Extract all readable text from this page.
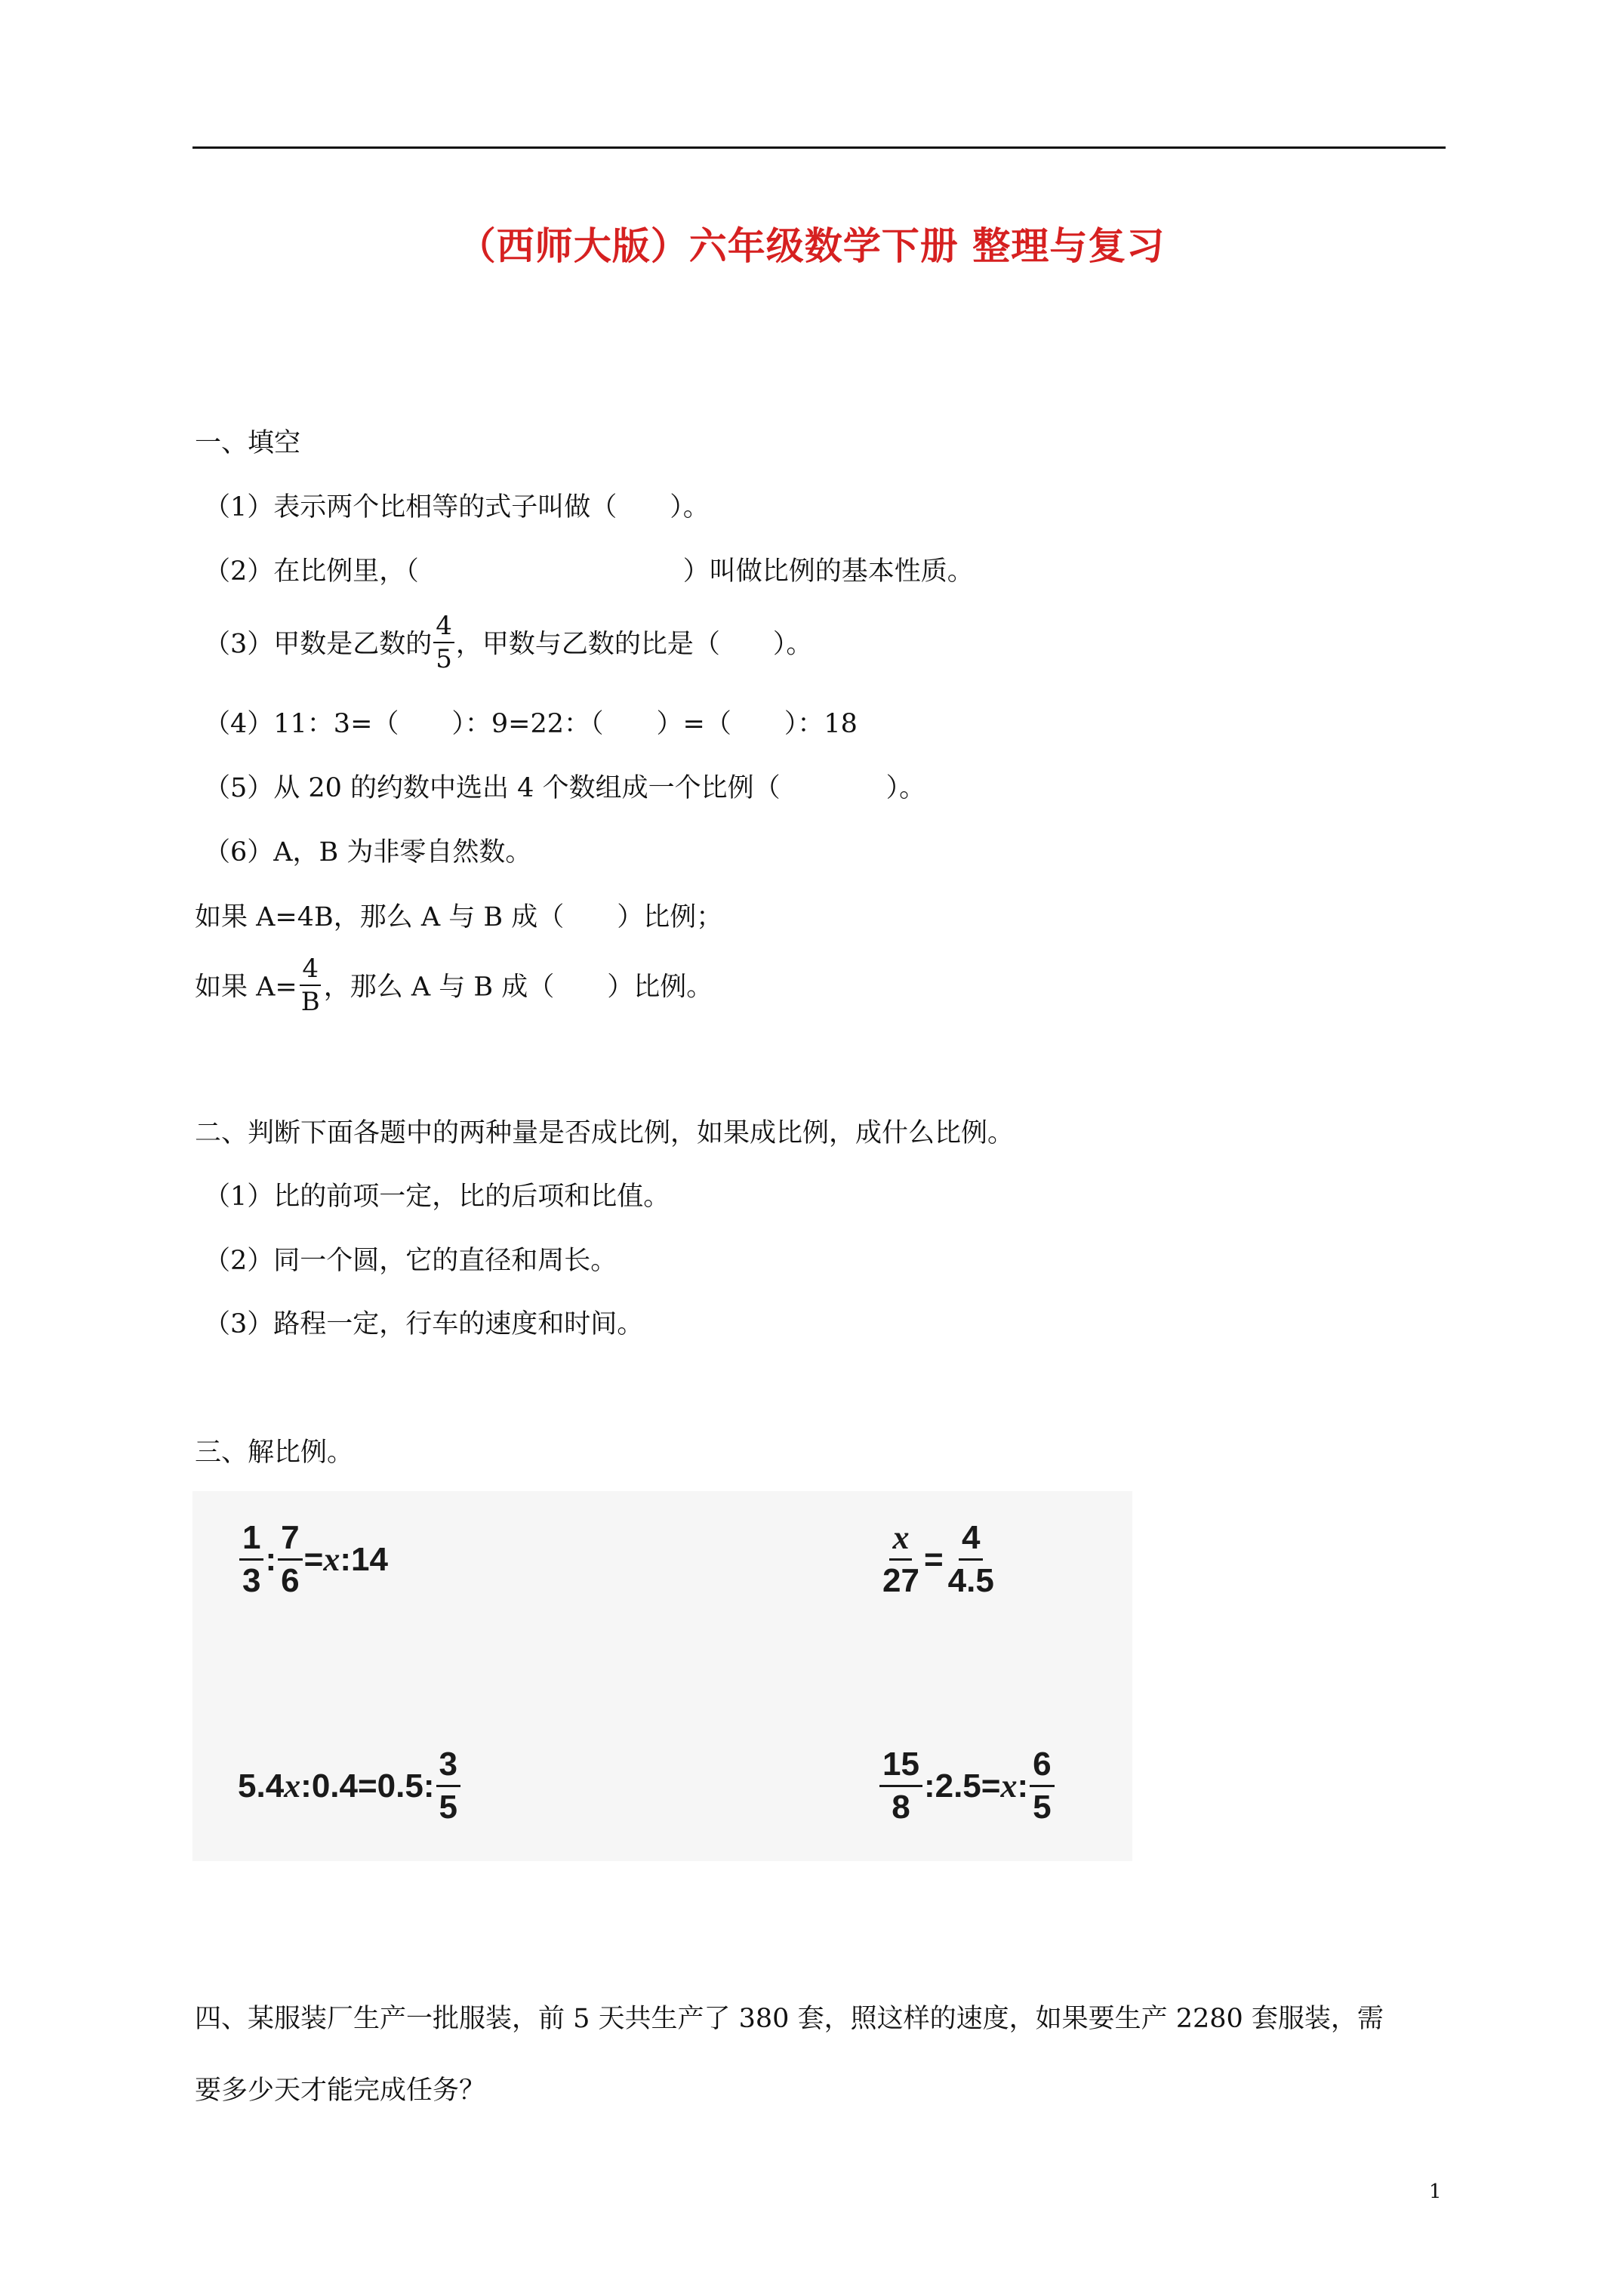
（西师大版）六年级数学下册 整理与复习
一、填空
（1）表示两个比相等的式子叫做（　　）。
（2）在比例里，（　　　　　　　　　　）叫做比例的基本性质。
（3）甲数是乙数的 $\frac{4}{5}$ ，甲数与乙数的比是（　　）。
（4）11：3=（　　）：9=22：（　　）=（　　）：18
（5）从 20 的约数中选出 4 个数组成一个比例（　　　　）。
（6）A，B 为非零自然数。
如果 A=4B，那么 A 与 B 成（　　）比例；
如果 $A= \frac{4}{B}$ ，那么 A 与 B 成（　　）比例。
二、判断下面各题中的两种量是否成比例，如果成比例，成什么比例。
（1）比的前项一定，比的后项和比值。
（2）同一个圆，它的直径和周长。
（3）路程一定，行车的速度和时间。
三、解比例。
$\frac{1}{3}$ : $\frac{7}{6} = x$ :14	$\frac{x}{27} = \frac{4}{4.5}$
5.4 x :0.4=0.5: $\frac{3}{5}$	$\frac{15}{8}$ :2.5= x : $\frac{6}{5}$
四、某服装厂生产一批服装，前 5 天共生产了 380 套，照这样的速度，如果要生产 2280 套服装，需
要多少天才能完成任务？
1
